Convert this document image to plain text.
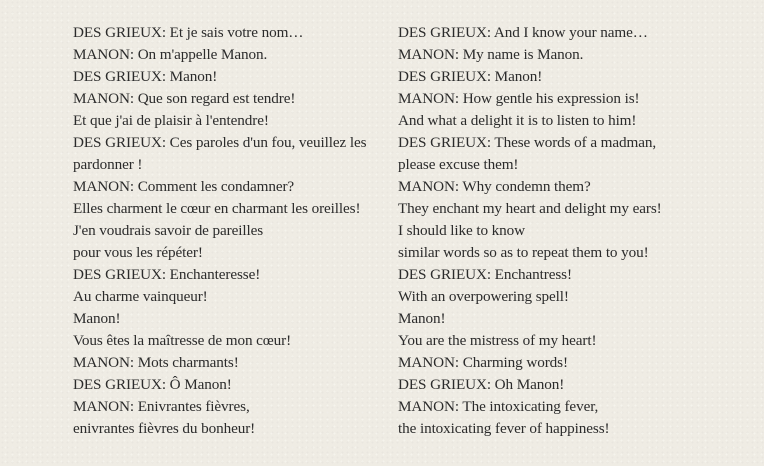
DES GRIEUX: Et je sais votre nom…
MANON: On m'appelle Manon.
DES GRIEUX: Manon!
MANON: Que son regard est tendre!
Et que j'ai de plaisir à l'entendre!
DES GRIEUX: Ces paroles d'un fou, veuillez les
pardonner !
MANON: Comment les condamner?
Elles charment le cœur en charmant les oreilles!
J'en voudrais savoir de pareilles
pour vous les répéter!
DES GRIEUX: Enchanteresse!
Au charme vainqueur!
Manon!
Vous êtes la maîtresse de mon cœur!
MANON: Mots charmants!
DES GRIEUX: Ô Manon!
MANON: Enivrantes fièvres,
enivrantes fièvres du bonheur!
DES GRIEUX: And I know your name…
MANON: My name is Manon.
DES GRIEUX: Manon!
MANON: How gentle his expression is!
And what a delight it is to listen to him!
DES GRIEUX: These words of a madman,
please excuse them!
MANON: Why condemn them?
They enchant my heart and delight my ears!
I should like to know
similar words so as to repeat them to you!
DES GRIEUX: Enchantress!
With an overpowering spell!
Manon!
You are the mistress of my heart!
MANON: Charming words!
DES GRIEUX: Oh Manon!
MANON: The intoxicating fever,
the intoxicating fever of happiness!
